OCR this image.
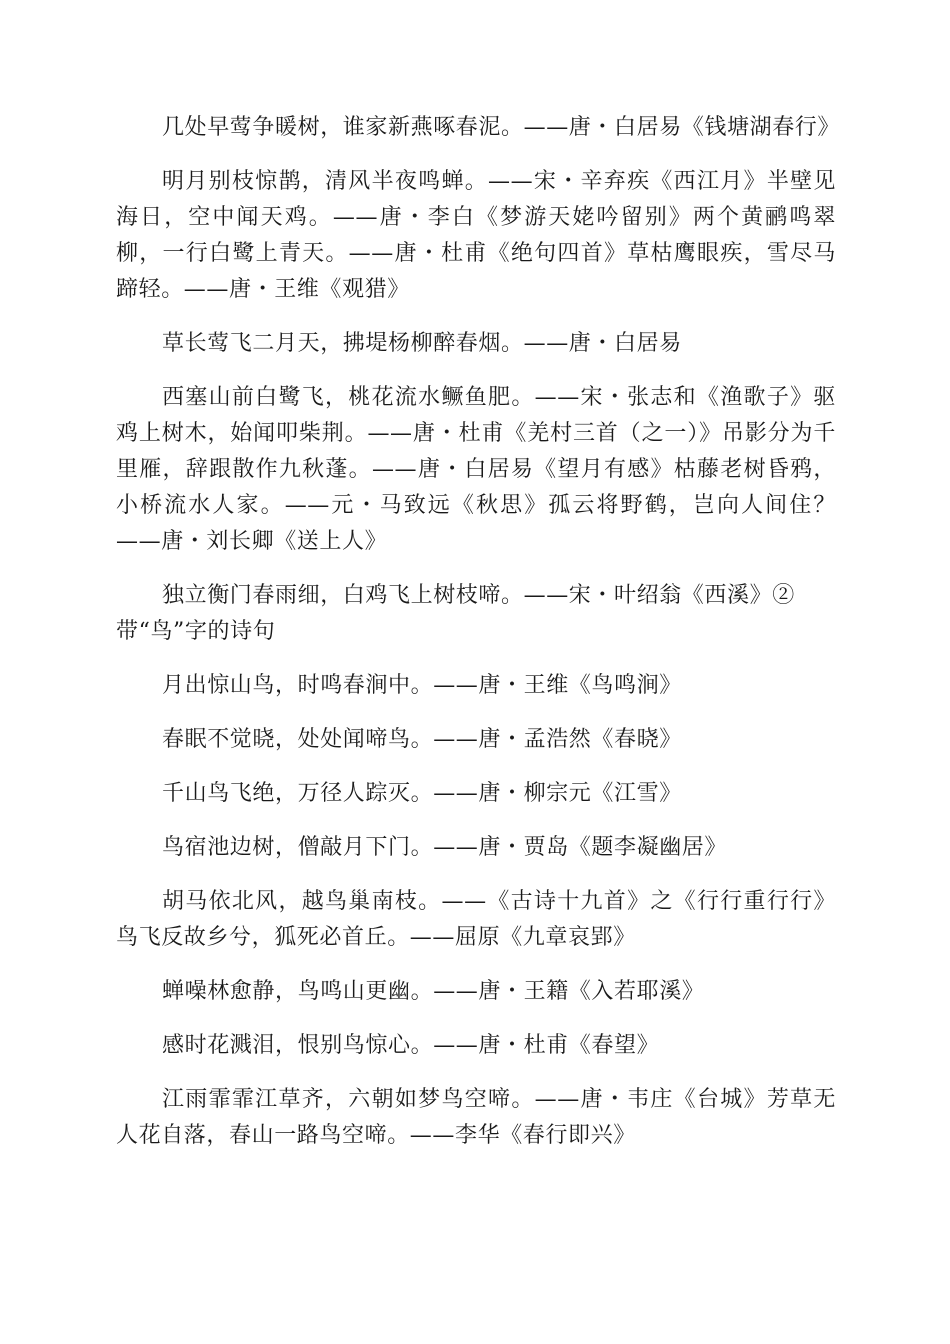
几处早莺争暖树，谁家新燕啄春泥。——唐・白居易《钱塘湖春行》

明月别枝惊鹊，清风半夜鸣蝉。——宋・辛弃疾《西江月》半壁见海日，空中闻天鸡。——唐・李白《梦游天姥吟留别》两个黄鹂鸣翠柳，一行白鹭上青天。——唐・杜甫《绝句四首》草枯鹰眼疾，雪尽马蹄轻。——唐・王维《观猎》

草长莺飞二月天，拂堤杨柳醉春烟。——唐・白居易

西塞山前白鹭飞，桃花流水鳜鱼肥。——宋・张志和《渔歌子》驱鸡上树木，始闻叩柴荆。——唐・杜甫《羌村三首（之一）》吊影分为千里雁，辞跟散作九秋蓬。——唐・白居易《望月有感》枯藤老树昏鸦，小桥流水人家。——元・马致远《秋思》孤云将野鹤，岂向人间住？——唐・刘长卿《送上人》

独立衡门春雨细，白鸡飞上树枝啼。——宋・叶绍翁《西溪》②

带“鸟”字的诗句

月出惊山鸟，时鸣春涧中。——唐・王维《鸟鸣涧》

春眠不觉晓，处处闻啼鸟。——唐・孟浩然《春晓》

千山鸟飞绝，万径人踪灭。——唐・柳宗元《江雪》

鸟宿池边树，僧敲月下门。——唐・贾岛《题李凝幽居》

胡马依北风，越鸟巢南枝。——《古诗十九首》之《行行重行行》鸟飞反故乡兮，狐死必首丘。——屈原《九章哀郢》

蝉噪林愈静，鸟鸣山更幽。——唐・王籍《入若耶溪》

感时花溅泪，恨别鸟惊心。——唐・杜甫《春望》

江雨霏霏江草齐，六朝如梦鸟空啼。——唐・韦庄《台城》芳草无人花自落，春山一路鸟空啼。——李华《春行即兴》
